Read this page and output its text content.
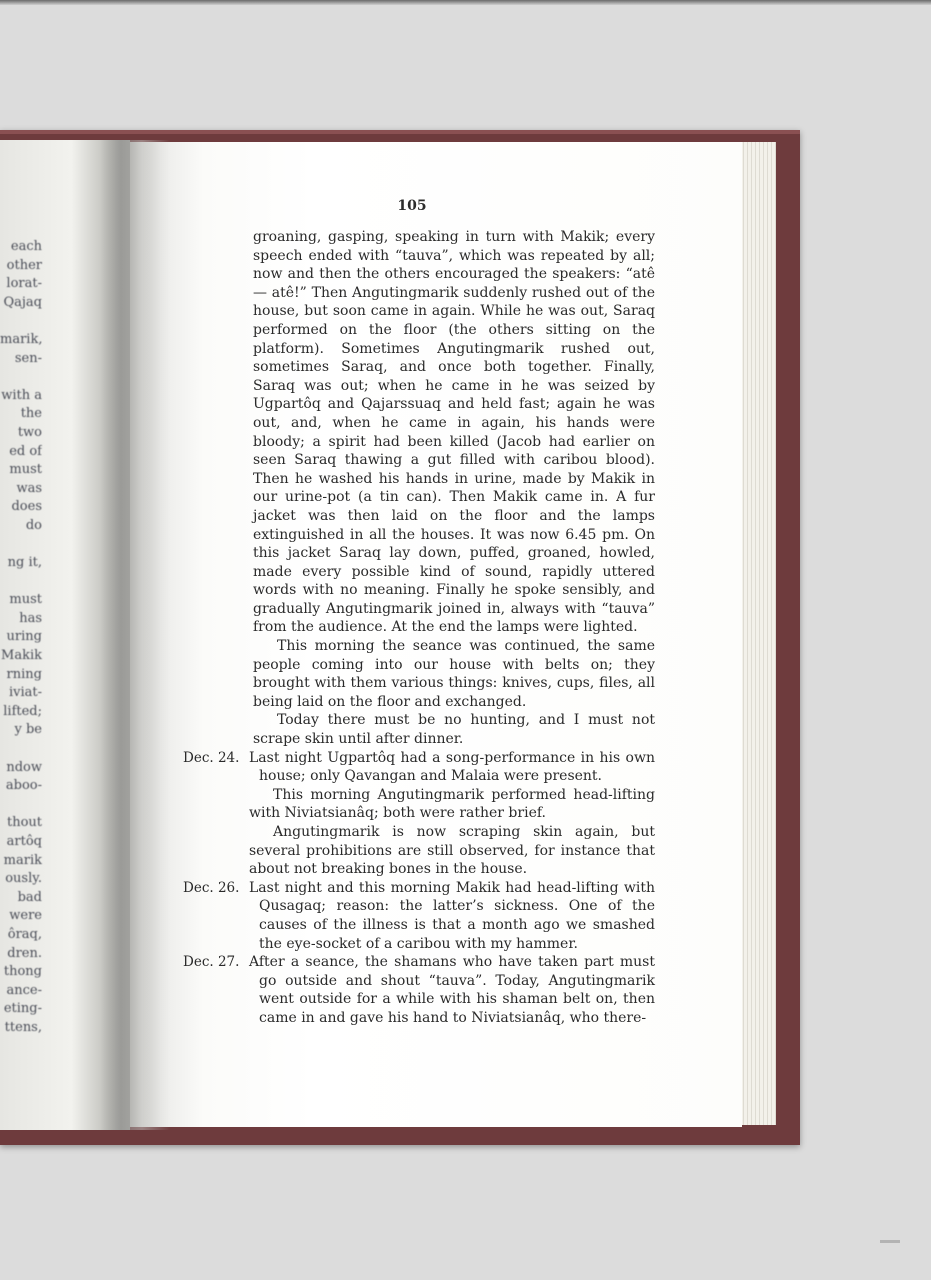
each
other
lorat-
Qajaq
marik,
sen-
with a
the
two
ed of
must
was
does
do
ng it,
must
has
uring
Makik
rning
iviat-
lifted;
y be
ndow
aboo-
thout
artôq
marik
ously.
bad
were
ôraq,
dren.
thong
ance-
eting-
ttens,
105

groaning, gasping, speaking in turn with Makik; every speech ended with “tauva”, which was repeated by all; now and then the others encouraged the speakers: “atê — atê!” Then Angutingmarik suddenly rushed out of the house, but soon came in again. While he was out, Saraq performed on the floor (the others sitting on the platform). Sometimes Angutingmarik rushed out, sometimes Saraq, and once both together. Finally, Saraq was out; when he came in he was seized by Ugpartôq and Qajarssuaq and held fast; again he was out, and, when he came in again, his hands were bloody; a spirit had been killed (Jacob had earlier on seen Saraq thawing a gut filled with caribou blood). Then he washed his hands in urine, made by Makik in our urine-pot (a tin can). Then Makik came in. A fur jacket was then laid on the floor and the lamps extinguished in all the houses. It was now 6.45 pm. On this jacket Saraq lay down, puffed, groaned, howled, made every possible kind of sound, rapidly uttered words with no meaning. Finally he spoke sensibly, and gradually Angutingmarik joined in, always with “tauva” from the audience. At the end the lamps were lighted.

This morning the seance was continued, the same people coming into our house with belts on; they brought with them various things: knives, cups, files, all being laid on the floor and exchanged.

Today there must be no hunting, and I must not scrape skin until after dinner.

Dec. 24. Last night Ugpartôq had a song-performance in his own house; only Qavangan and Malaia were present.

This morning Angutingmarik performed head-lifting with Niviatsianâq; both were rather brief.

Angutingmarik is now scraping skin again, but several prohibitions are still observed, for instance that about not breaking bones in the house.

Dec. 26. Last night and this morning Makik had head-lifting with Qusagaq; reason: the latter’s sickness. One of the causes of the illness is that a month ago we smashed the eye-socket of a caribou with my hammer.

Dec. 27. After a seance, the shamans who have taken part must go outside and shout “tauva”. Today, Angutingmarik went outside for a while with his shaman belt on, then came in and gave his hand to Niviatsianâq, who there-
